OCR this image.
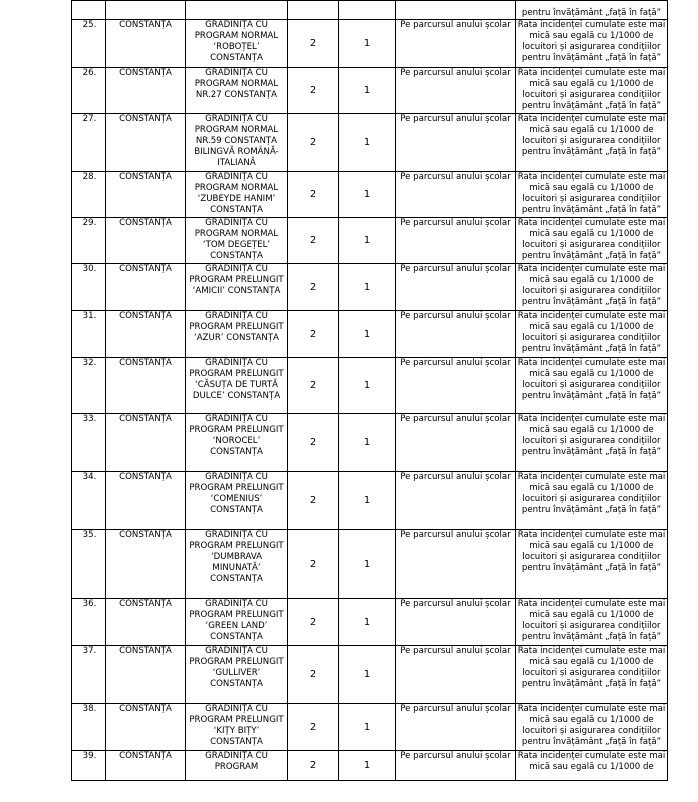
						pentru învățământ „față în față”
25.	CONSTANȚA	GRĂDINIȚA CU PROGRAM NORMAL ‘ROBOȚEL’ CONSTANȚA	2	1	Pe parcursul anului școlar	Rata incidenței cumulate este mai mică sau egală cu 1/1000 de locuitori și asigurarea condițiilor pentru învățământ „față în față”
26.	CONSTANȚA	GRĂDINIȚA CU PROGRAM NORMAL NR.27 CONSTANȚA	2	1	Pe parcursul anului școlar	Rata incidenței cumulate este mai mică sau egală cu 1/1000 de locuitori și asigurarea condițiilor pentru învățământ „față în față”
27.	CONSTANȚA	GRĂDINIȚA CU PROGRAM NORMAL NR.59 CONSTANȚA BILINGVĂ ROMÂNĂ-ITALIANĂ	2	1	Pe parcursul anului școlar	Rata incidenței cumulate este mai mică sau egală cu 1/1000 de locuitori și asigurarea condițiilor pentru învățământ „față în față”
28.	CONSTANȚA	GRĂDINIȚA CU PROGRAM NORMAL ‘ZUBEYDE HANIM’ CONSTANȚA	2	1	Pe parcursul anului școlar	Rata incidenței cumulate este mai mică sau egală cu 1/1000 de locuitori și asigurarea condițiilor pentru învățământ „față în față”
29.	CONSTANȚA	GRĂDINIȚA CU PROGRAM NORMAL ‘TOM DEGEȚEL’ CONSTANȚA	2	1	Pe parcursul anului școlar	Rata incidenței cumulate este mai mică sau egală cu 1/1000 de locuitori și asigurarea condițiilor pentru învățământ „față în față”
30.	CONSTANȚA	GRĂDINIȚA CU PROGRAM PRELUNGIT ‘AMICII’ CONSTANȚA	2	1	Pe parcursul anului școlar	Rata incidenței cumulate este mai mică sau egală cu 1/1000 de locuitori și asigurarea condițiilor pentru învățământ „față în față”
31.	CONSTANȚA	GRĂDINIȚA CU PROGRAM PRELUNGIT ‘AZUR’ CONSTANȚA	2	1	Pe parcursul anului școlar	Rata incidenței cumulate este mai mică sau egală cu 1/1000 de locuitori și asigurarea condițiilor pentru învățământ „față în față”
32.	CONSTANȚA	GRĂDINIȚA CU PROGRAM PRELUNGIT ‘CĂSUȚA DE TURTĂ DULCE’ CONSTANȚA	2	1	Pe parcursul anului școlar	Rata incidenței cumulate este mai mică sau egală cu 1/1000 de locuitori și asigurarea condițiilor pentru învățământ „față în față”
33.	CONSTANȚA	GRĂDINIȚA CU PROGRAM PRELUNGIT ‘NOROCEL’ CONSTANȚA	2	1	Pe parcursul anului școlar	Rata incidenței cumulate este mai mică sau egală cu 1/1000 de locuitori și asigurarea condițiilor pentru învățământ „față în față”
34.	CONSTANȚA	GRĂDINIȚA CU PROGRAM PRELUNGIT ‘COMENIUS’ CONSTANȚA	2	1	Pe parcursul anului școlar	Rata incidenței cumulate este mai mică sau egală cu 1/1000 de locuitori și asigurarea condițiilor pentru învățământ „față în față”
35.	CONSTANȚA	GRĂDINIȚA CU PROGRAM PRELUNGIT ‘DUMBRAVA MINUNATĂ’ CONSTANȚA	2	1	Pe parcursul anului școlar	Rata incidenței cumulate este mai mică sau egală cu 1/1000 de locuitori și asigurarea condițiilor pentru învățământ „față în față”
36.	CONSTANȚA	GRĂDINIȚA CU PROGRAM PRELUNGIT ‘GREEN LAND’ CONSTANȚA	2	1	Pe parcursul anului școlar	Rata incidenței cumulate este mai mică sau egală cu 1/1000 de locuitori și asigurarea condițiilor pentru învățământ „față în față”
37.	CONSTANȚA	GRĂDINIȚA CU PROGRAM PRELUNGIT ‘GULLIVER’ CONSTANȚA	2	1	Pe parcursul anului școlar	Rata incidenței cumulate este mai mică sau egală cu 1/1000 de locuitori și asigurarea condițiilor pentru învățământ „față în față”
38.	CONSTANȚA	GRĂDINIȚA CU PROGRAM PRELUNGIT ‘KIȚY BIȚY’ CONSTANȚA	2	1	Pe parcursul anului școlar	Rata incidenței cumulate este mai mică sau egală cu 1/1000 de locuitori și asigurarea condițiilor pentru învățământ „față în față”
39.	CONSTANȚA	GRĂDINIȚA CU PROGRAM	2	1	Pe parcursul anului școlar	Rata incidenței cumulate este mai mică sau egală cu 1/1000 de
